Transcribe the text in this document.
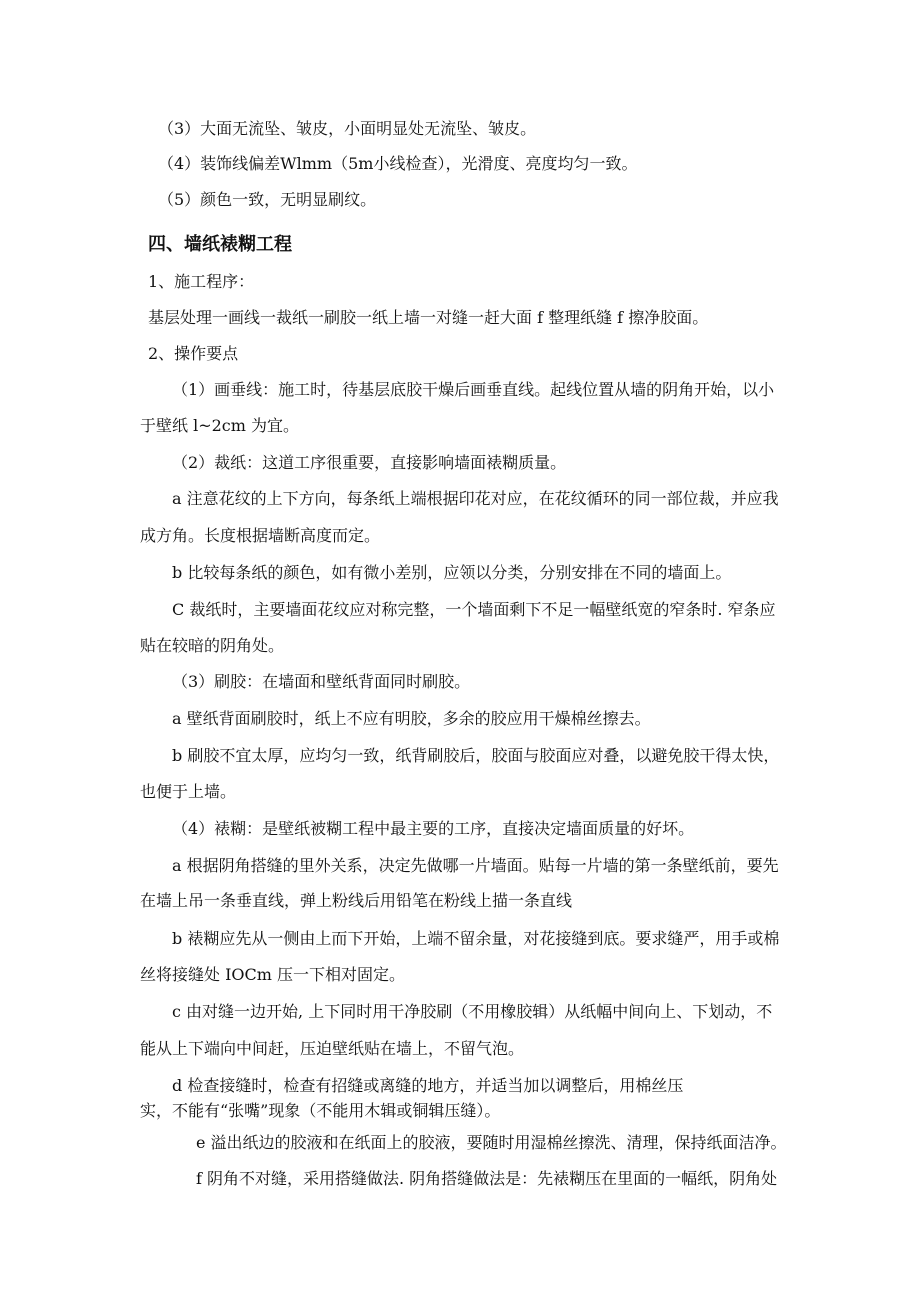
（3）大面无流坠、皱皮，小面明显处无流坠、皱皮。
（4）装饰线偏差Wlmm（5m小线检查），光滑度、亮度均匀一致。
（5）颜色一致，无明显刷纹。
四、墙纸裱糊工程
1、施工程序：
基层处理一画线一裁纸一刷胶一纸上墙一对缝一赶大面 f 整理纸缝 f 擦净胶面。
2、操作要点
（1）画垂线：施工时，待基层底胶干燥后画垂直线。起线位置从墙的阴角开始，以小
于壁纸 l~2cm 为宜。
（2）裁纸：这道工序很重要，直接影响墙面裱糊质量。
a 注意花纹的上下方向，每条纸上端根据印花对应，在花纹循环的同一部位裁，并应我
成方角。长度根据墙断高度而定。
b 比较每条纸的颜色，如有微小差别，应领以分类，分别安排在不同的墙面上。
C 裁纸时，主要墙面花纹应对称完整，一个墙面剩下不足一幅壁纸宽的窄条时. 窄条应
贴在较暗的阴角处。
（3）刷胶：在墙面和壁纸背面同时刷胶。
a 壁纸背面刷胶时，纸上不应有明胶，多余的胶应用干燥棉丝擦去。
b 刷胶不宜太厚，应均匀一致，纸背刷胶后，胶面与胶面应对叠，以避免胶干得太快，
也便于上墙。
（4）裱糊：是壁纸被糊工程中最主要的工序，直接决定墙面质量的好坏。
a 根据阴角搭缝的里外关系，决定先做哪一片墙面。贴每一片墙的第一条壁纸前，要先
在墙上吊一条垂直线，弹上粉线后用铅笔在粉线上描一条直线
b 裱糊应先从一侧由上而下开始，上端不留余量，对花接缝到底。要求缝严，用手或棉
丝将接缝处 IOCm 压一下相对固定。
c 由对缝一边开始, 上下同时用干净胶刷（不用橡胶辑）从纸幅中间向上、下划动，不
能从上下端向中间赶，压迫壁纸贴在墙上，不留气泡。
d 检查接缝时，检查有招缝或离缝的地方，并适当加以调整后，用棉丝压
实，不能有“张嘴”现象（不能用木辑或铜辑压缝）。
e 溢出纸边的胶液和在纸面上的胶液，要随时用湿棉丝擦洗、清理，保持纸面洁净。
f 阴角不对缝，采用搭缝做法. 阴角搭缝做法是：先裱糊压在里面的一幅纸，阴角处
